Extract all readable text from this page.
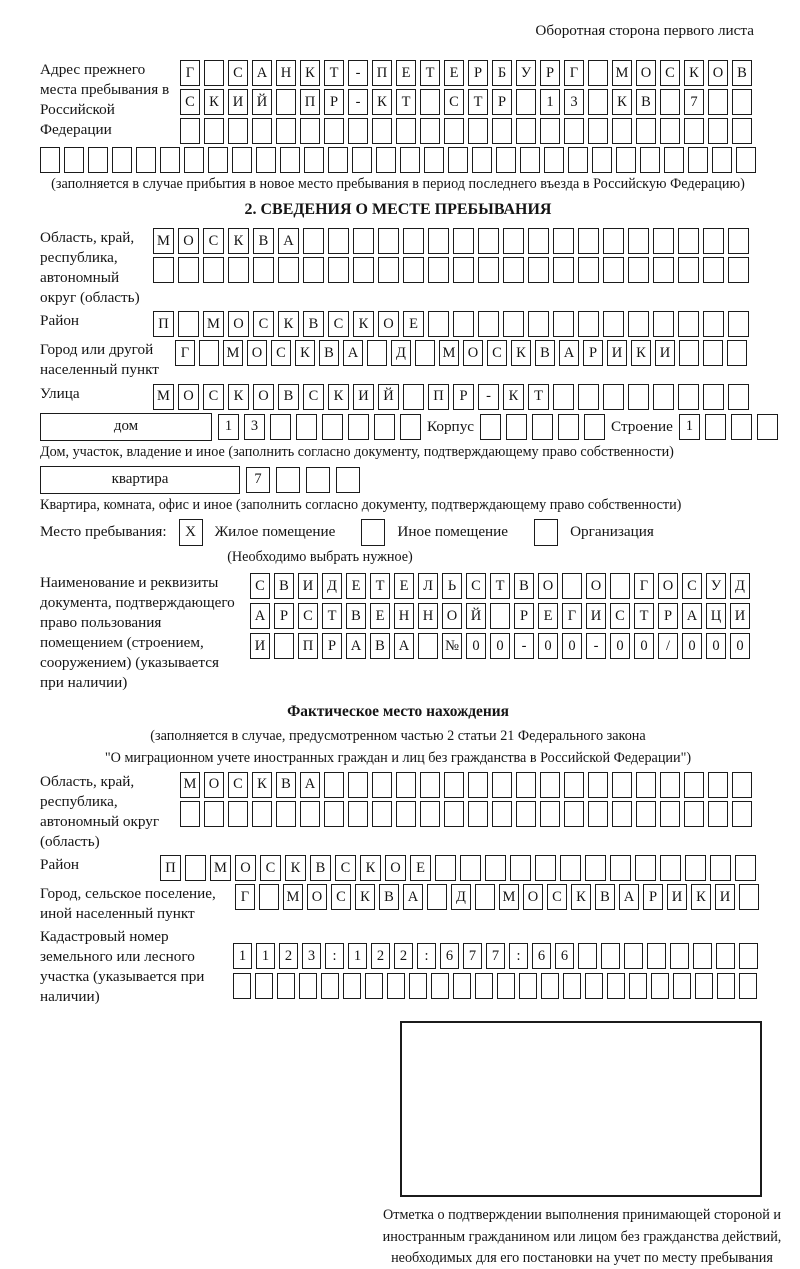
Оборотная сторона первого листа
Адрес прежнего места пребывания в Российской Федерации
Г	С А Н К	Т	-	П Е	Т	Е	Р	Б	У	Р	Г	М О С К О В
С К И Й	П	Р	-	К	Т	С	Т	Р	1	3	К В	7
(заполняется в случае прибытия в новое место пребывания в период последнего въезда в Российскую Федерацию)
2. СВЕДЕНИЯ О МЕСТЕ ПРЕБЫВАНИЯ
Область, край, республика, автономный округ (область)
М О	С	К	В	А
Район	П	М О	С	К	В	С	К	О	Е
Город или другой населенный пункт
Г	М О С К В А	Д	М О С К В А	Р	И К И
Улица	М О	С	К	О	В	С	К	И	Й	П	Р	-	К	Т
дом	1	3	Корпус	Строение 1
Дом, участок, владение и иное (заполнить согласно документу, подтверждающему право собственности)
квартира	7
Квартира, комната, офис и иное (заполнить согласно документу, подтверждающему право собственности)
Место пребывания:	X	Жилое помещение	Иное помещение	Организация
(Необходимо выбрать нужное)
Наименование и реквизиты документа, подтверждающего право пользования помещением (строением, сооружением) (указывается при наличии)
С В И Д	Е	Т	Е	Л	Ь	С	Т	В О	О	Г	О С У Д
А	Р	С	Т	В	Е Н Н О Й	Р	Е	Г	И С	Т	Р	А Ц И
И	П	Р	А В А	№ 0	0	-	0	0	-	0	0	/	0	0	0
Фактическое место нахождения
(заполняется в случае, предусмотренном частью 2 статьи 21 Федерального закона
"О миграционном учете иностранных граждан и лиц без гражданства в Российской Федерации")
Область, край, республика, автономный округ (область)
М О С К В А
Район	П	М О	С	К	В	С	К	О	Е
Город, сельское поселение, иной населенный пункт
Г	М О С К В А	Д	М О С К В А	Р	И К И
Кадастровый номер земельного или лесного участка (указывается при наличии)
1	1	2	3	:	1	2	2	:	6	7	7	:	6	6
Отметка о подтверждении выполнения принимающей стороной и иностранным гражданином или лицом без гражданства действий, необходимых для его постановки на учет по месту пребывания
